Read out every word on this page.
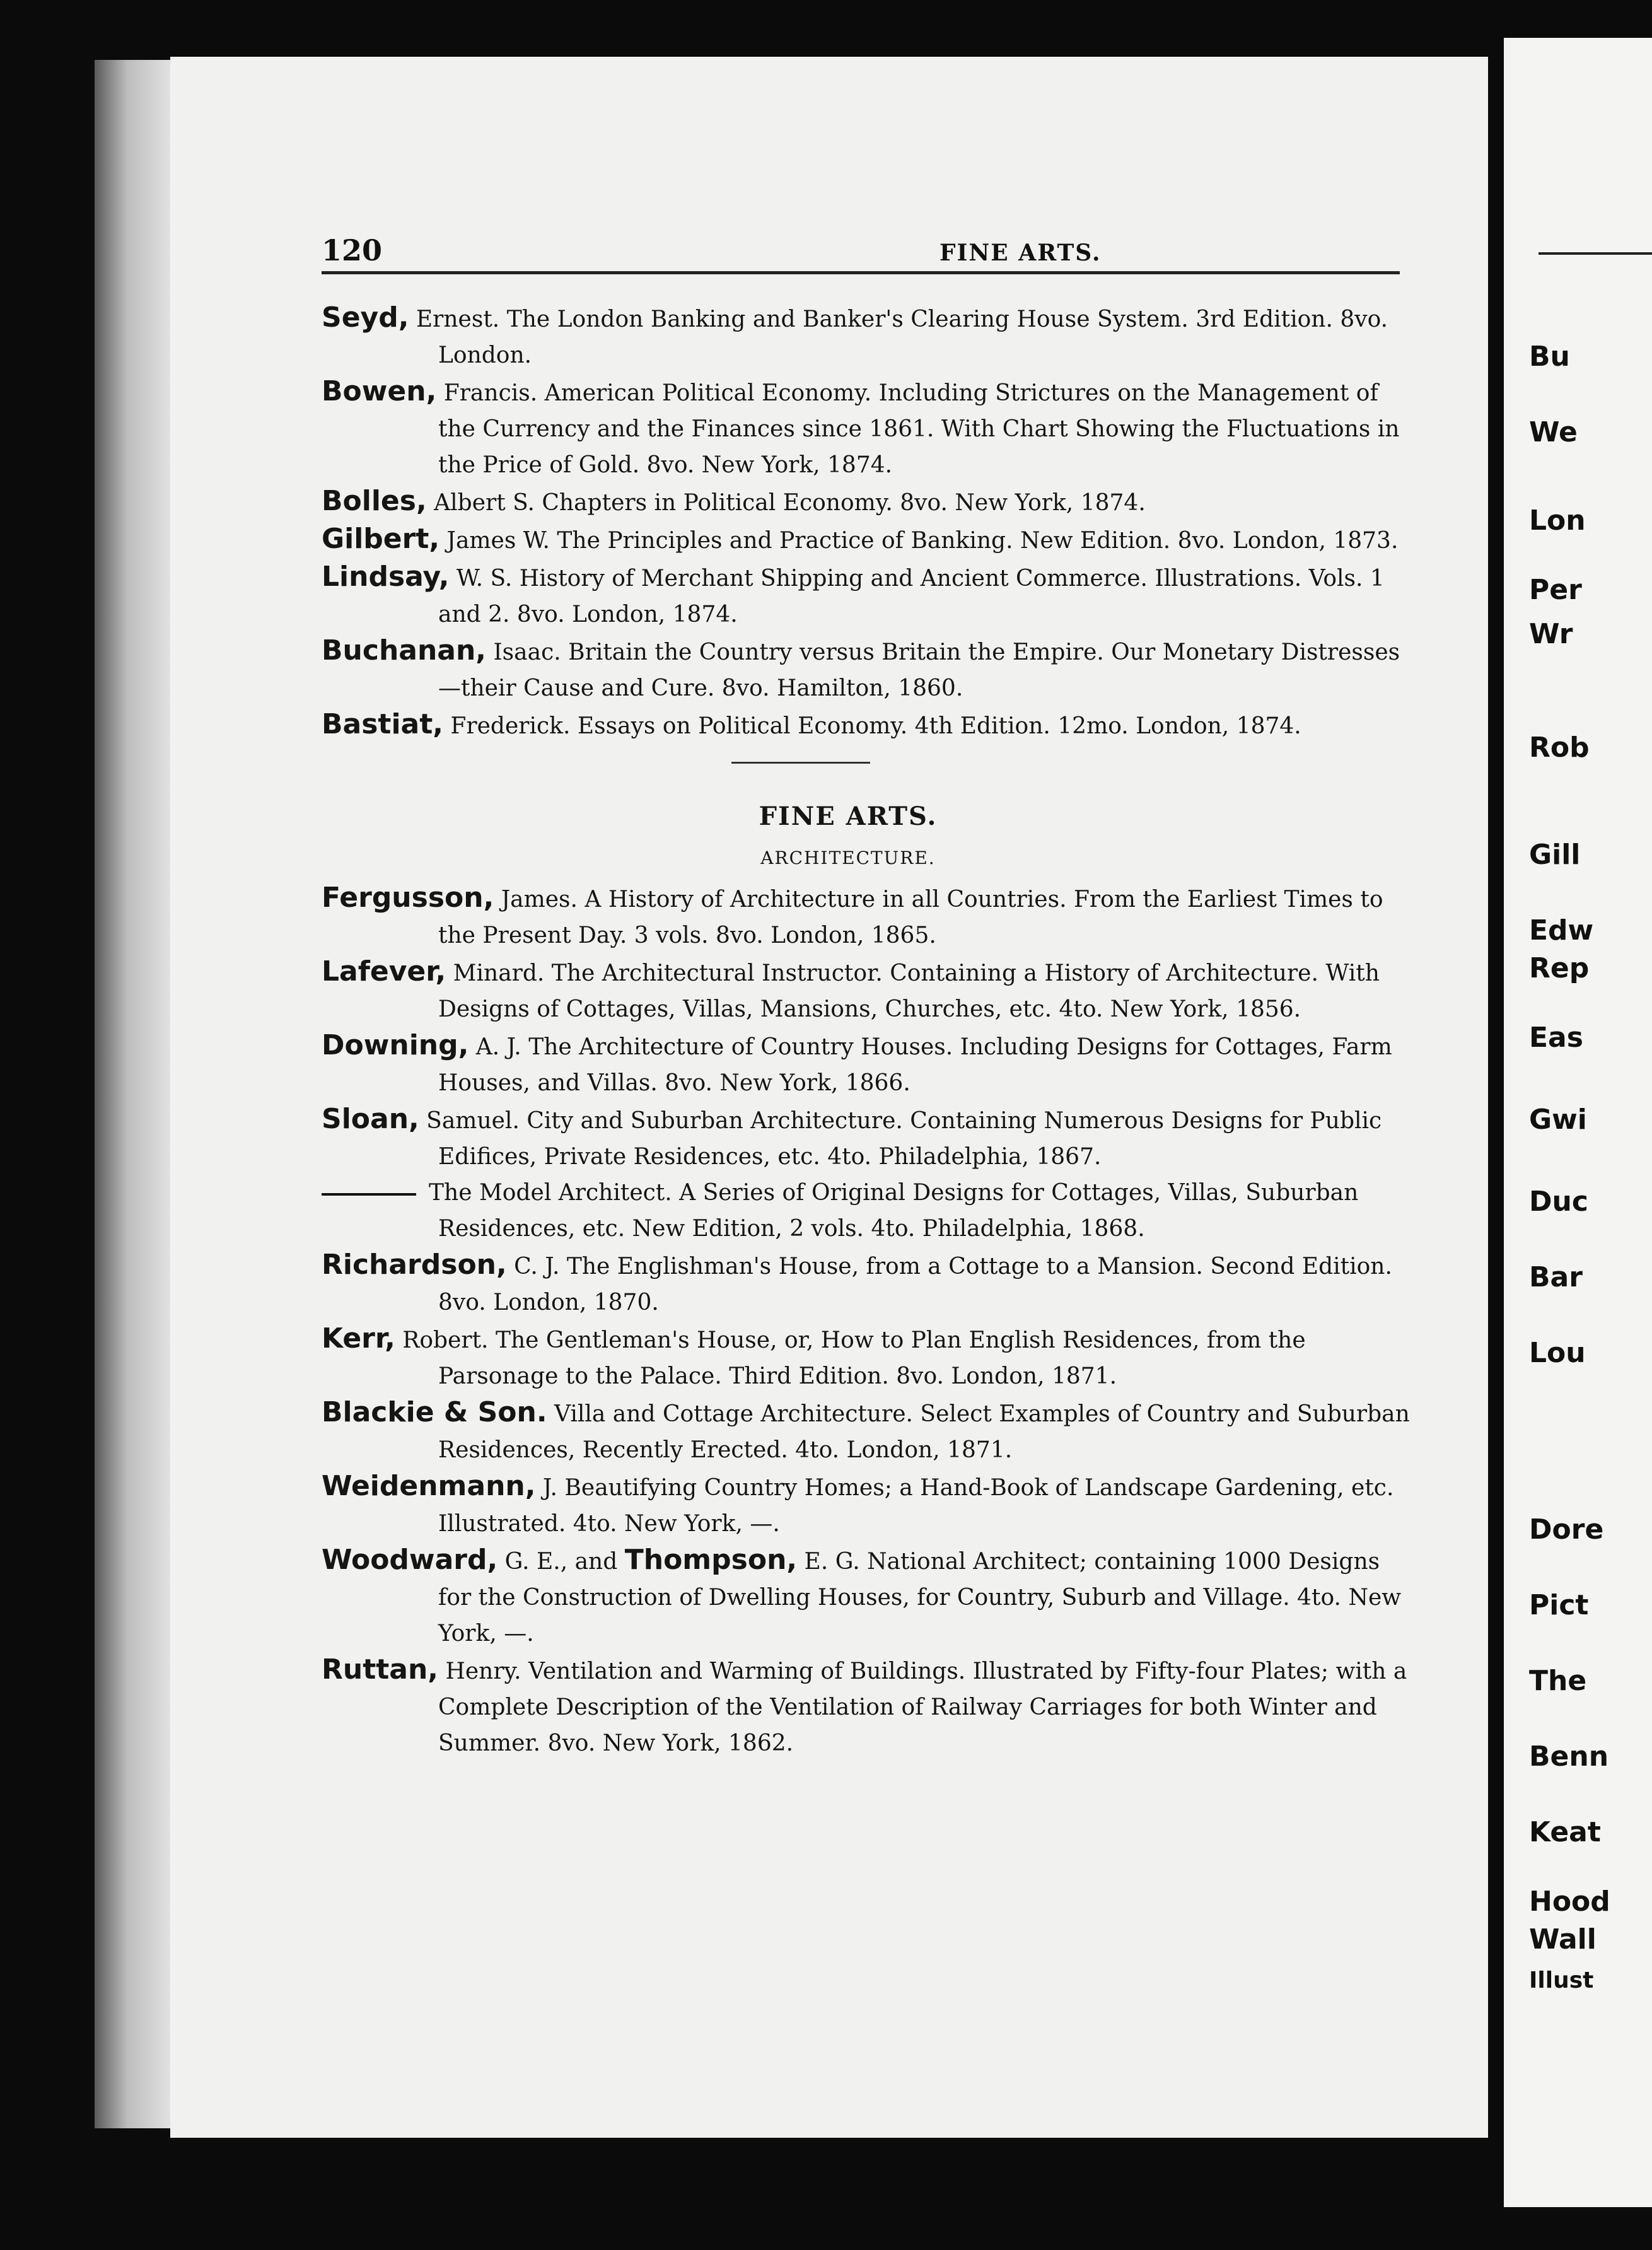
120	FINE ARTS.

Seyd, Ernest. The London Banking and Banker's Clearing House System. 3rd Edition. 8vo. London.

Bowen, Francis. American Political Economy. Including Strictures on the Management of the Currency and the Finances since 1861. With Chart Showing the Fluctuations in the Price of Gold. 8vo. New York, 1874.

Bolles, Albert S. Chapters in Political Economy. 8vo. New York, 1874.

Gilbert, James W. The Principles and Practice of Banking. New Edition. 8vo. London, 1873.

Lindsay, W. S. History of Merchant Shipping and Ancient Commerce. Illustrations. Vols. 1 and 2. 8vo. London, 1874.

Buchanan, Isaac. Britain the Country versus Britain the Empire. Our Monetary Distresses—their Cause and Cure. 8vo. Hamilton, 1860.

Bastiat, Frederick. Essays on Political Economy. 4th Edition. 12mo. London, 1874.

FINE ARTS.
ARCHITECTURE.

Fergusson, James. A History of Architecture in all Countries. From the Earliest Times to the Present Day. 3 vols. 8vo. London, 1865.

Lafever, Minard. The Architectural Instructor. Containing a History of Architecture. With Designs of Cottages, Villas, Mansions, Churches, etc. 4to. New York, 1856.

Downing, A. J. The Architecture of Country Houses. Including Designs for Cottages, Farm Houses, and Villas. 8vo. New York, 1866.

Sloan, Samuel. City and Suburban Architecture. Containing Numerous Designs for Public Edifices, Private Residences, etc. 4to. Philadelphia, 1867.

The Model Architect. A Series of Original Designs for Cottages, Villas, Suburban Residences, etc. New Edition, 2 vols. 4to. Philadelphia, 1868.

Richardson, C. J. The Englishman's House, from a Cottage to a Mansion. Second Edition. 8vo. London, 1870.

Kerr, Robert. The Gentleman's House, or, How to Plan English Residences, from the Parsonage to the Palace. Third Edition. 8vo. London, 1871.

Blackie & Son. Villa and Cottage Architecture. Select Examples of Country and Suburban Residences, Recently Erected. 4to. London, 1871.

Weidenmann, J. Beautifying Country Homes; a Hand-Book of Landscape Gardening, etc. Illustrated. 4to. New York, —.

Woodward, G. E., and Thompson, E. G. National Architect; containing 1000 Designs for the Construction of Dwelling Houses, for Country, Suburb and Village. 4to. New York, —.

Ruttan, Henry. Ventilation and Warming of Buildings. Illustrated by Fifty-four Plates; with a Complete Description of the Ventilation of Railway Carriages for both Winter and Summer. 8vo. New York, 1862.

Bu
We
Lon
Per
Wr
Rob
Gill
Edw
Rep
Eas
Gwi
Duc
Bar
Lou
Dore
Pict
The
Benn
Keat
Hood
Wall
Illust
